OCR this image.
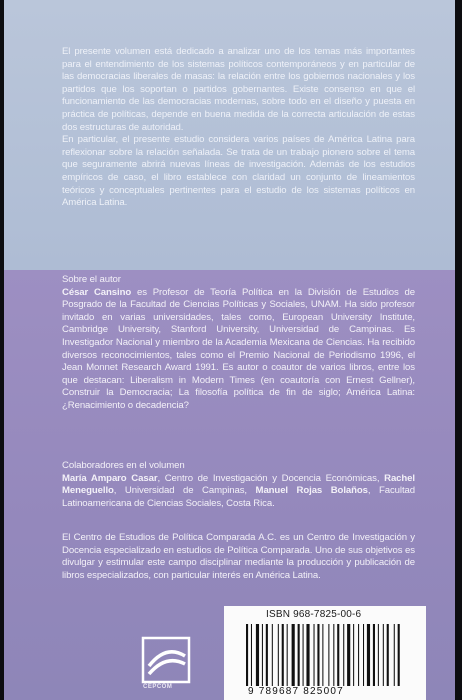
El presente volumen está dedicado a analizar uno de los temas más importantes para el entendimiento de los sistemas políticos contemporáneos y en particular de las democracias liberales de masas: la relación entre los gobiernos nacionales y los partidos que los soportan o partidos gobernantes. Existe consenso en que el funcionamiento de las democracias modernas, sobre todo en el diseño y puesta en práctica de políticas, depende en buena medida de la correcta articulación de estas dos estructuras de autoridad.

En particular, el presente estudio considera varios países de América Latina para reflexionar sobre la relación señalada. Se trata de un trabajo pionero sobre el tema que seguramente abrirá nuevas líneas de investigación. Además de los estudios empíricos de caso, el libro establece con claridad un conjunto de lineamientos teóricos y conceptuales pertinentes para el estudio de los sistemas políticos en América Latina.

Sobre el autor

César Cansino es Profesor de Teoría Política en la División de Estudios de Posgrado de la Facultad de Ciencias Políticas y Sociales, UNAM. Ha sido profesor invitado en varias universidades, tales como, European University Institute, Cambridge University, Stanford University, Universidad de Campinas. Es Investigador Nacional y miembro de la Academia Mexicana de Ciencias. Ha recibido diversos reconocimientos, tales como el Premio Nacional de Periodismo 1996, el Jean Monnet Research Award 1991. Es autor o coautor de varios libros, entre los que destacan: Liberalism in Modern Times (en coautoría con Ernest Gellner), Construir la Democracia; La filosofía política de fin de siglo; América Latina: ¿Renacimiento o decadencia?

Colaboradores en el volumen

María Amparo Casar, Centro de Investigación y Docencia Económicas, Rachel Meneguello, Universidad de Campinas, Manuel Rojas Bolaños, Facultad Latinoamericana de Ciencias Sociales, Costa Rica.

El Centro de Estudios de Política Comparada A.C. es un Centro de Investigación y Docencia especializado en estudios de Política Comparada. Uno de sus objetivos es divulgar y estimular este campo disciplinar mediante la producción y publicación de libros especializados, con particular interés en América Latina.

CEPCOM
ISBN 968-7825-00-6
9 789687 825007
